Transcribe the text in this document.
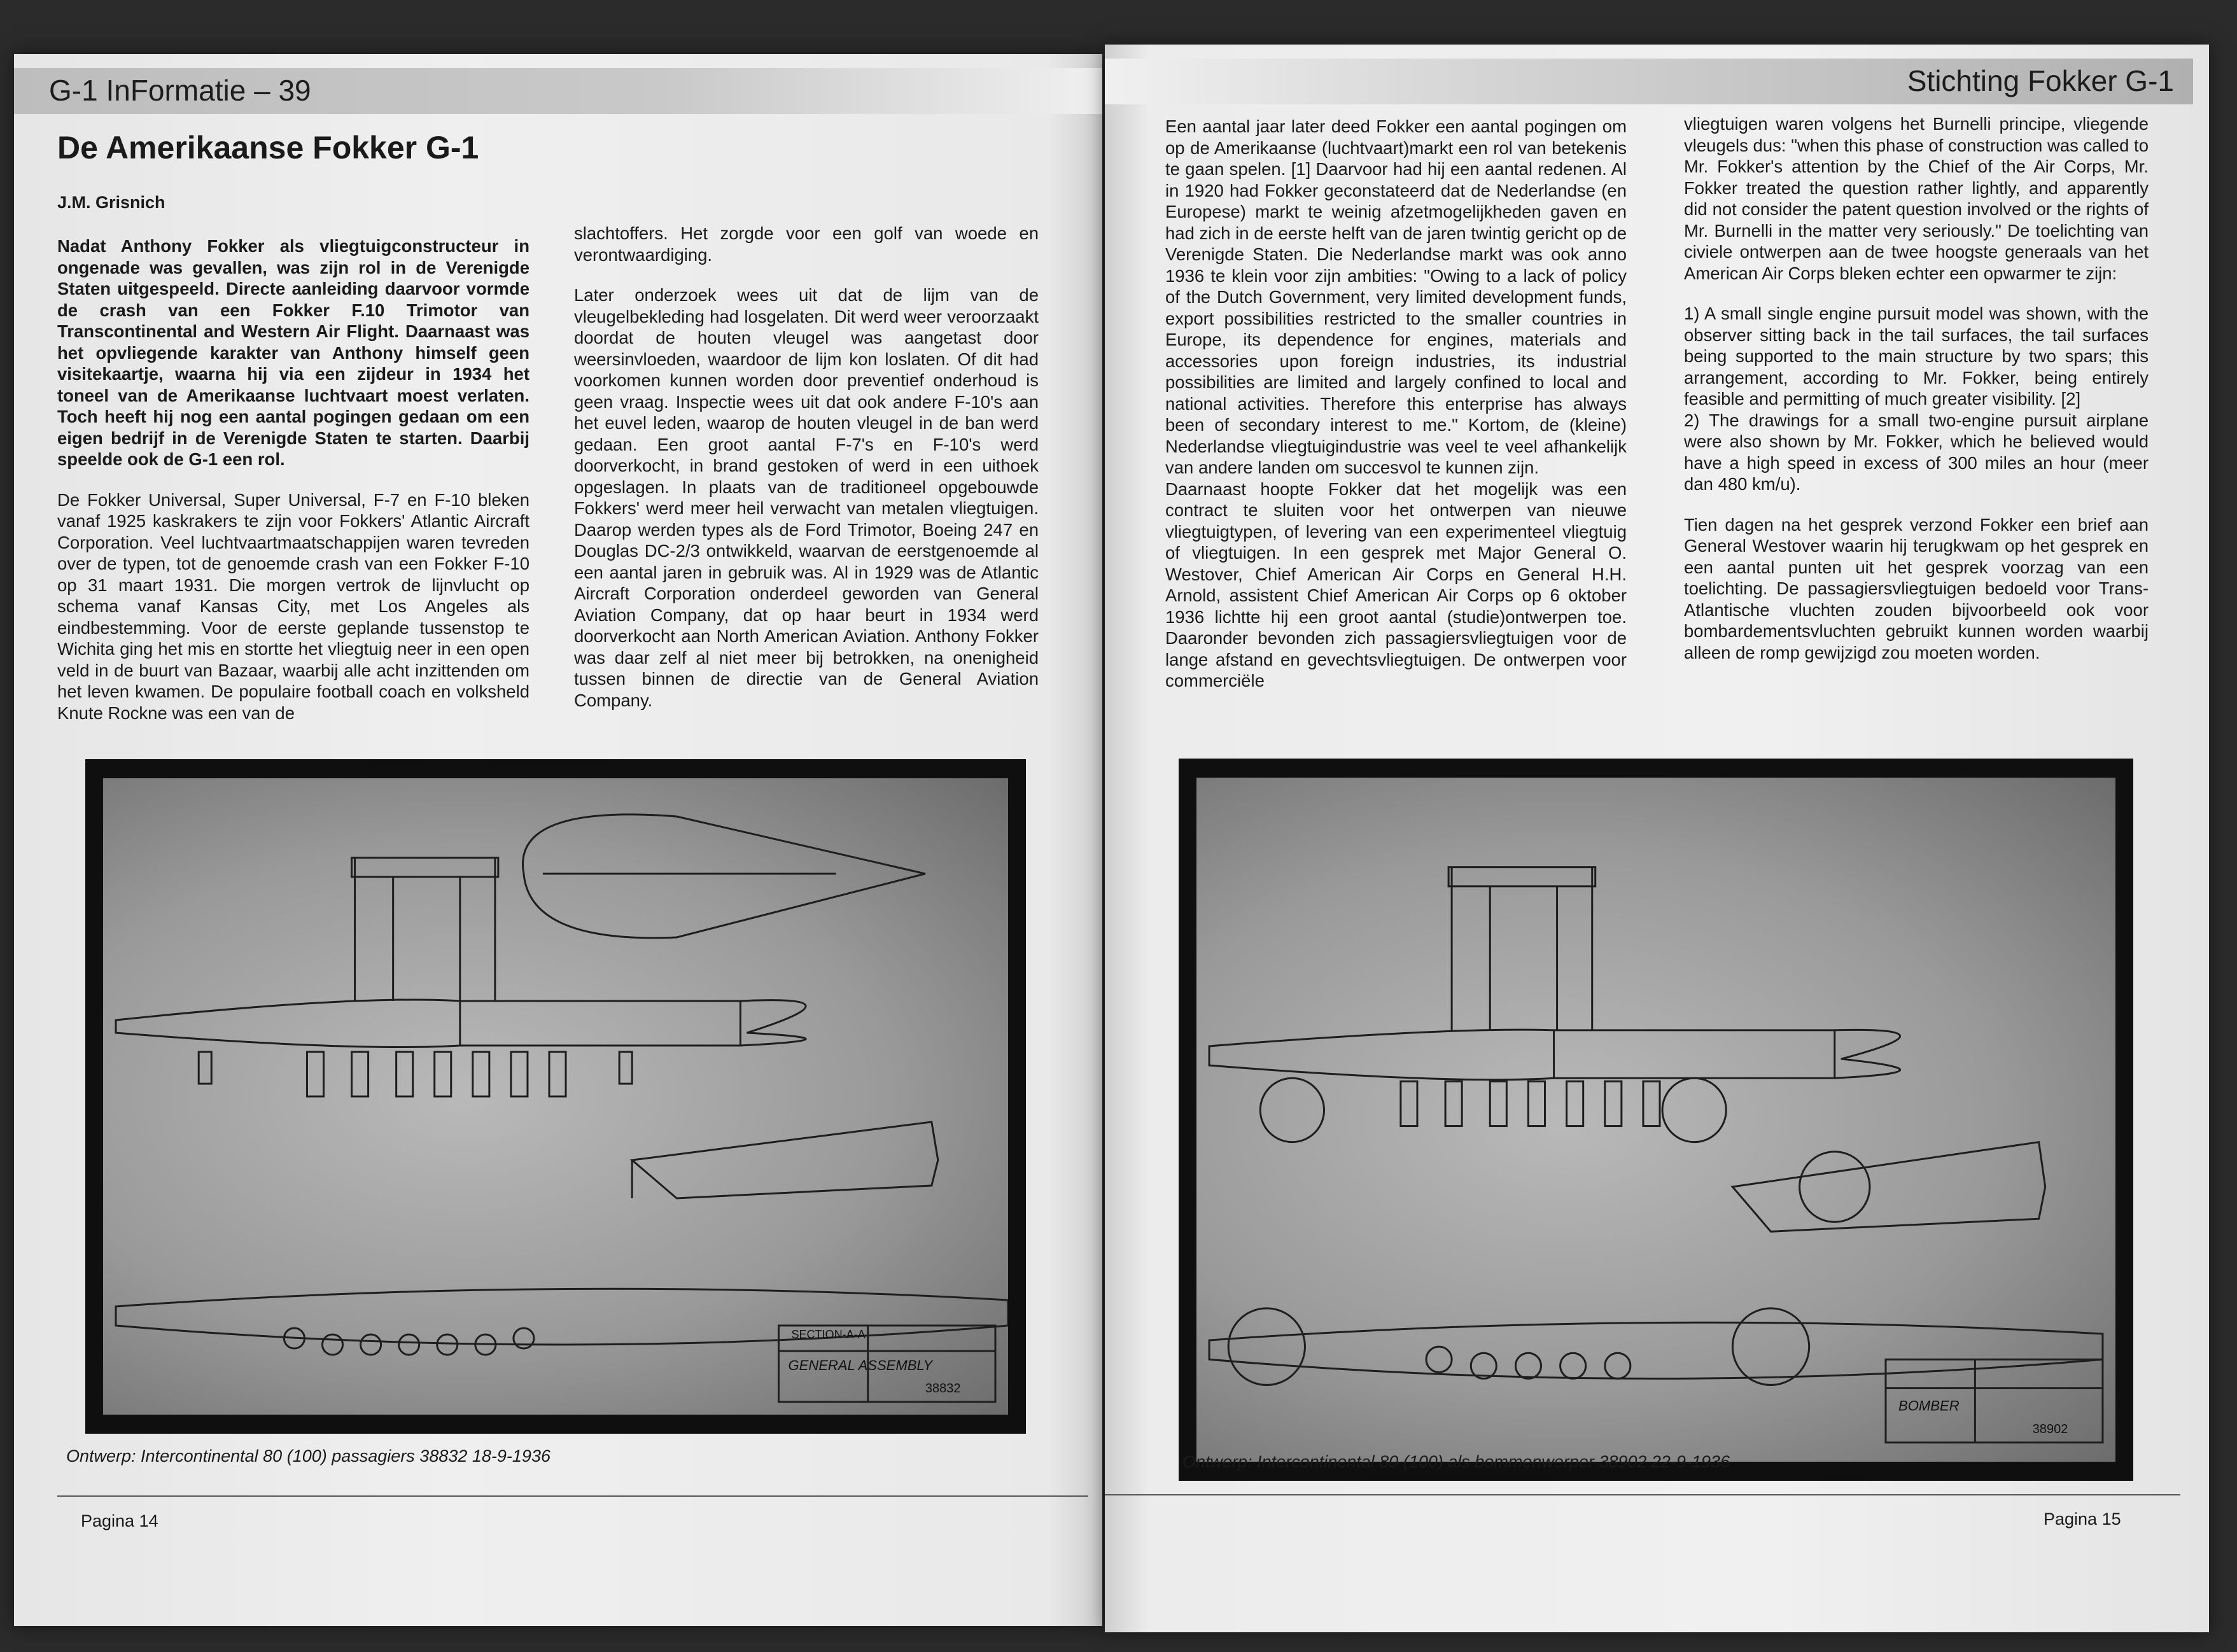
G-1 InFormatie – 39
De Amerikaanse Fokker G-1
J.M. Grisnich

Nadat Anthony Fokker als vliegtuigconstructeur in ongenade was gevallen, was zijn rol in de Verenigde Staten uitgespeeld. Directe aanleiding daarvoor vormde de crash van een Fokker F.10 Trimotor van Transcontinental and Western Air Flight. Daarnaast was het opvliegende karakter van Anthony himself geen visitekaartje, waarna hij via een zijdeur in 1934 het toneel van de Amerikaanse luchtvaart moest verlaten. Toch heeft hij nog een aantal pogingen gedaan om een eigen bedrijf in de Verenigde Staten te starten. Daarbij speelde ook de G-1 een rol.

De Fokker Universal, Super Universal, F-7 en F-10 bleken vanaf 1925 kaskrakers te zijn voor Fokkers' Atlantic Aircraft Corporation. Veel luchtvaartmaatschappijen waren tevreden over de typen, tot de genoemde crash van een Fokker F-10 op 31 maart 1931. Die morgen vertrok de lijnvlucht op schema vanaf Kansas City, met Los Angeles als eindbestemming. Voor de eerste geplande tussenstop te Wichita ging het mis en stortte het vliegtuig neer in een open veld in de buurt van Bazaar, waarbij alle acht inzittenden om het leven kwamen. De populaire football coach en volksheld Knute Rockne was een van de

slachtoffers. Het zorgde voor een golf van woede en verontwaardiging.

Later onderzoek wees uit dat de lijm van de vleugelbekleding had losgelaten. Dit werd weer veroorzaakt doordat de houten vleugel was aangetast door weersinvloeden, waardoor de lijm kon loslaten. Of dit had voorkomen kunnen worden door preventief onderhoud is geen vraag. Inspectie wees uit dat ook andere F-10's aan het euvel leden, waarop de houten vleugel in de ban werd gedaan. Een groot aantal F-7's en F-10's werd doorverkocht, in brand gestoken of werd in een uithoek opgeslagen. In plaats van de traditioneel opgebouwde Fokkers' werd meer heil verwacht van metalen vliegtuigen. Daarop werden types als de Ford Trimotor, Boeing 247 en Douglas DC-2/3 ontwikkeld, waarvan de eerstgenoemde al een aantal jaren in gebruik was. Al in 1929 was de Atlantic Aircraft Corporation onderdeel geworden van General Aviation Company, dat op haar beurt in 1934 werd doorverkocht aan North American Aviation. Anthony Fokker was daar zelf al niet meer bij betrokken, na onenigheid tussen binnen de directie van de General Aviation Company.

SECTION-A-A
GENERAL ASSEMBLY
38832
Ontwerp: Intercontinental 80 (100) passagiers 38832 18-9-1936
Pagina 14
Stichting Fokker G-1

Een aantal jaar later deed Fokker een aantal pogingen om op de Amerikaanse (luchtvaart)markt een rol van betekenis te gaan spelen. [1] Daarvoor had hij een aantal redenen. Al in 1920 had Fokker geconstateerd dat de Nederlandse (en Europese) markt te weinig afzetmogelijkheden gaven en had zich in de eerste helft van de jaren twintig gericht op de Verenigde Staten. Die Nederlandse markt was ook anno 1936 te klein voor zijn ambities: "Owing to a lack of policy of the Dutch Government, very limited development funds, export possibilities restricted to the smaller countries in Europe, its dependence for engines, materials and accessories upon foreign industries, its industrial possibilities are limited and largely confined to local and national activities. Therefore this enterprise has always been of secondary interest to me." Kortom, de (kleine) Nederlandse vliegtuigindustrie was veel te veel afhankelijk van andere landen om succesvol te kunnen zijn.

Daarnaast hoopte Fokker dat het mogelijk was een contract te sluiten voor het ontwerpen van nieuwe vliegtuigtypen, of levering van een experimenteel vliegtuig of vliegtuigen. In een gesprek met Major General O. Westover, Chief American Air Corps en General H.H. Arnold, assistent Chief American Air Corps op 6 oktober 1936 lichtte hij een groot aantal (studie)ontwerpen toe. Daaronder bevonden zich passagiersvliegtuigen voor de lange afstand en gevechtsvliegtuigen. De ontwerpen voor commerciële

vliegtuigen waren volgens het Burnelli principe, vliegende vleugels dus: "when this phase of construction was called to Mr. Fokker's attention by the Chief of the Air Corps, Mr. Fokker treated the question rather lightly, and apparently did not consider the patent question involved or the rights of Mr. Burnelli in the matter very seriously." De toelichting van civiele ontwerpen aan de twee hoogste generaals van het American Air Corps bleken echter een opwarmer te zijn:

1) A small single engine pursuit model was shown, with the observer sitting back in the tail surfaces, the tail surfaces being supported to the main structure by two spars; this arrangement, according to Mr. Fokker, being entirely feasible and permitting of much greater visibility. [2]

2) The drawings for a small two-engine pursuit airplane were also shown by Mr. Fokker, which he believed would have a high speed in excess of 300 miles an hour (meer dan 480 km/u).

Tien dagen na het gesprek verzond Fokker een brief aan General Westover waarin hij terugkwam op het gesprek en een aantal punten uit het gesprek voorzag van een toelichting. De passagiersvliegtuigen bedoeld voor Trans-Atlantische vluchten zouden bijvoorbeeld ook voor bombardementsvluchten gebruikt kunnen worden waarbij alleen de romp gewijzigd zou moeten worden.

BOMBER
38902
Ontwerp: Intercontinental 80 (100) als bommenwerper 38902 22-9-1936
Pagina 15
